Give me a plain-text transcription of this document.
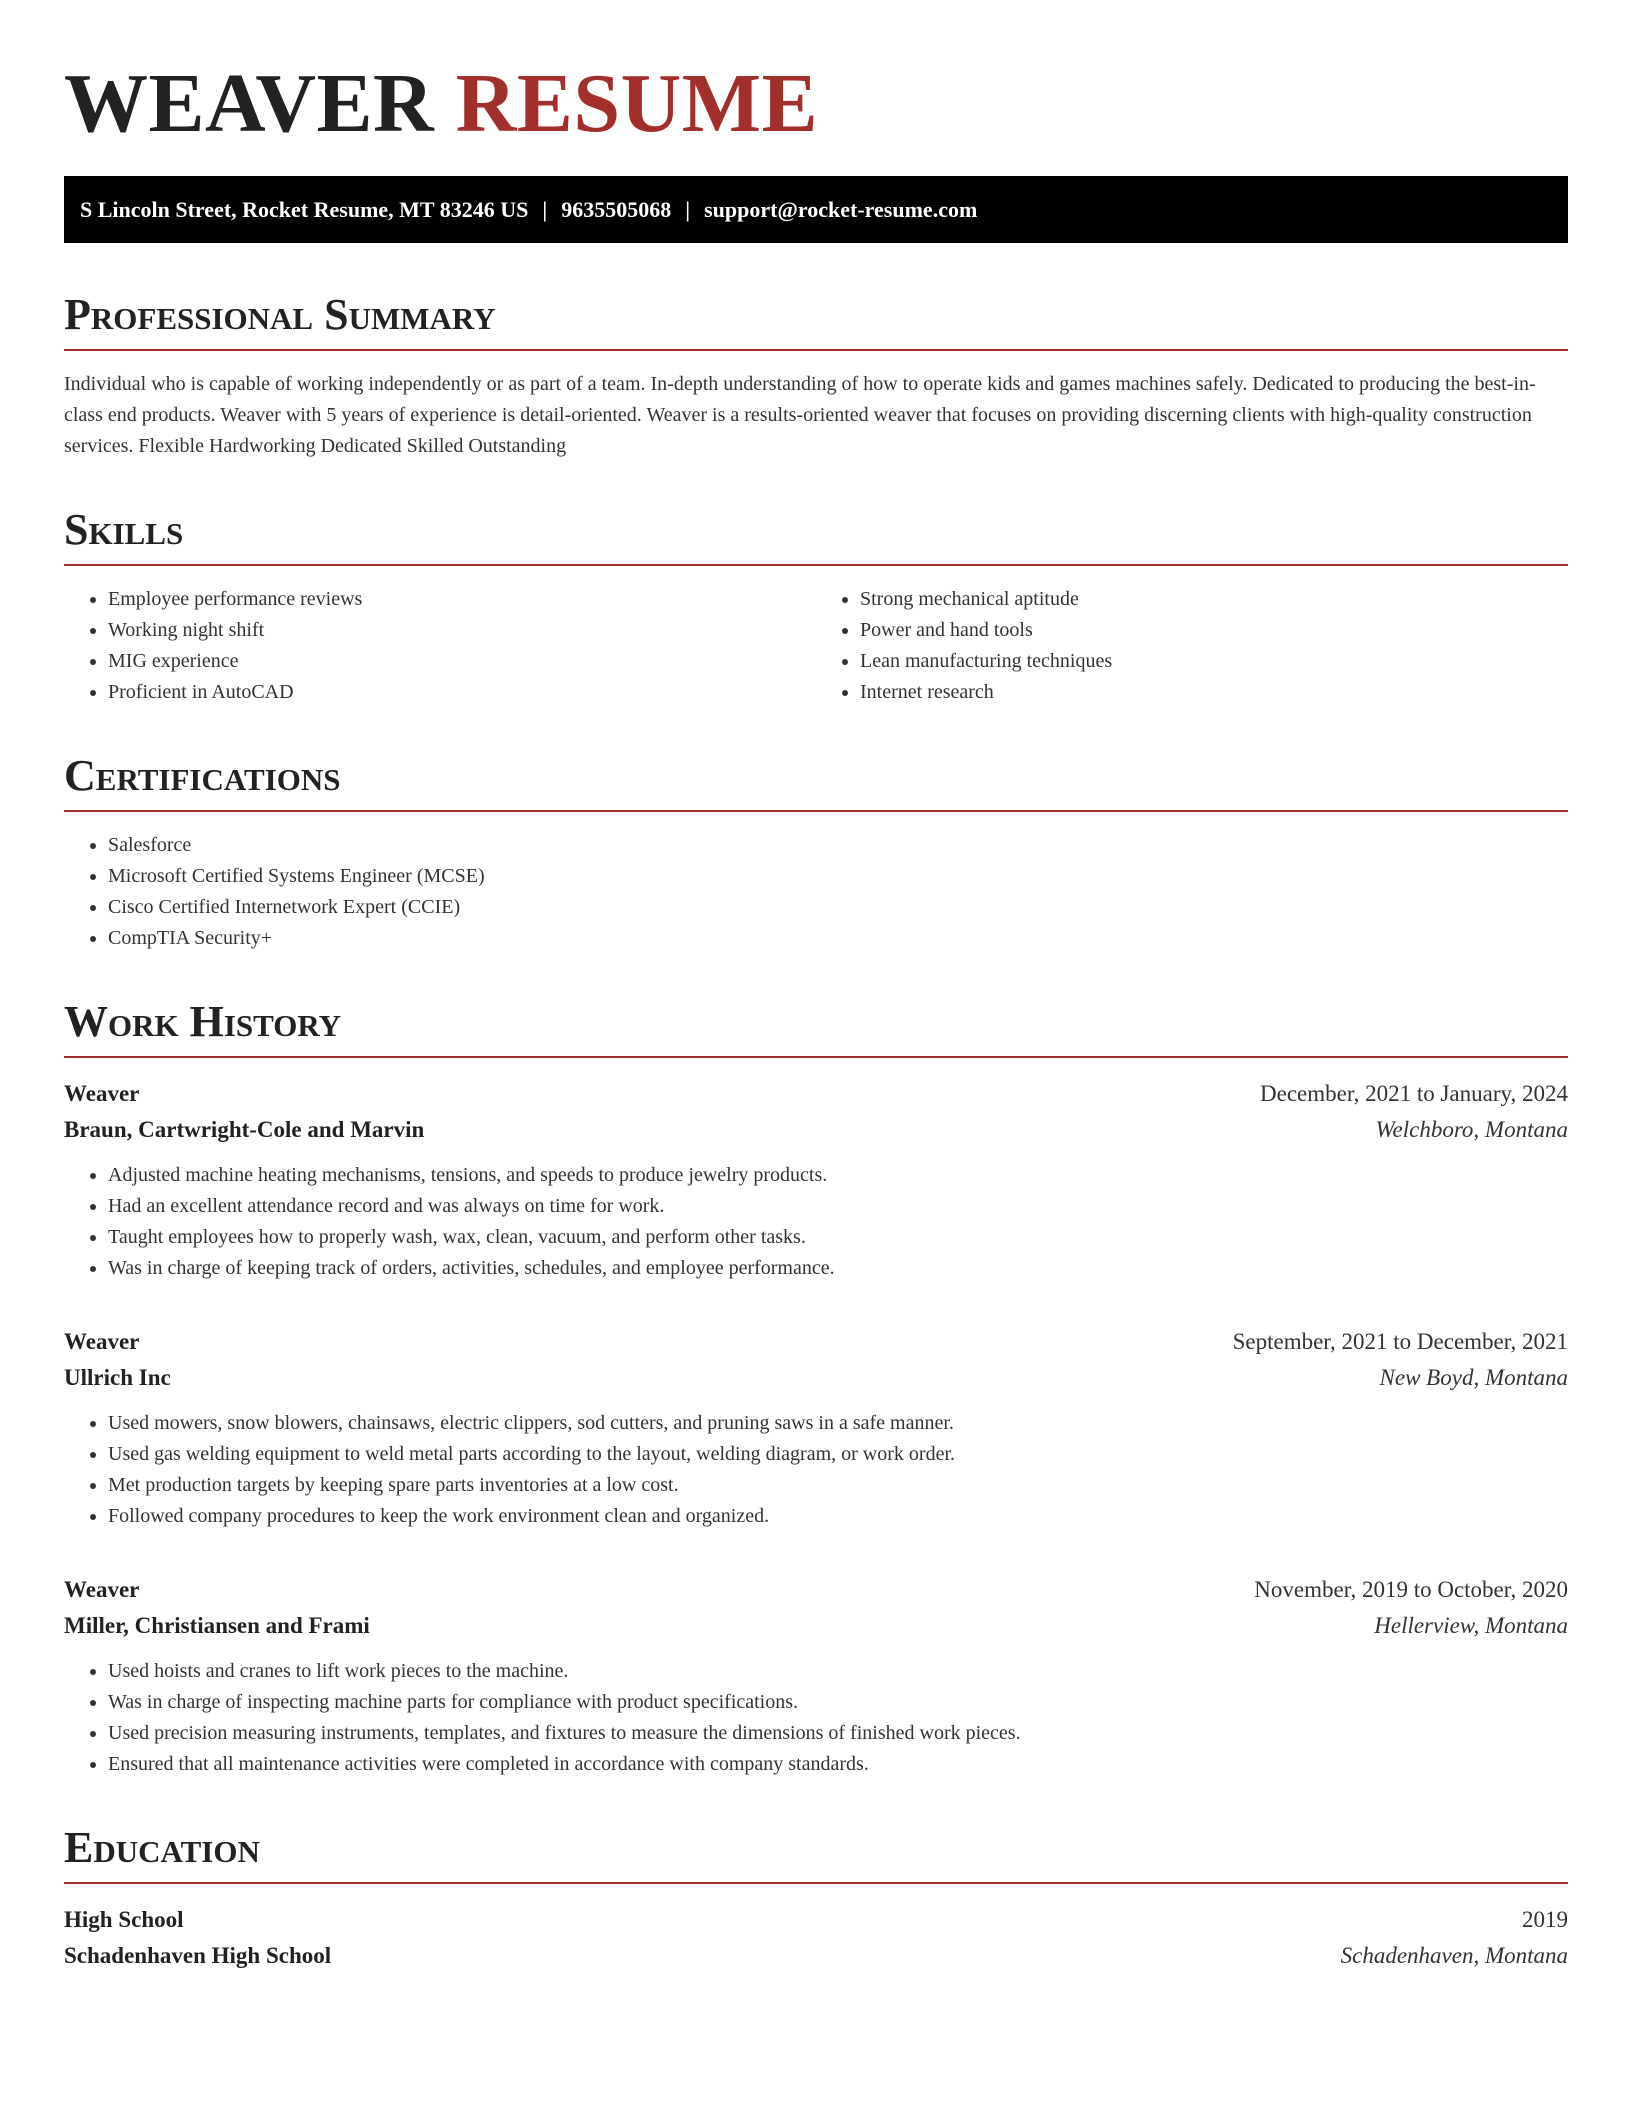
WEAVER RESUME
S Lincoln Street, Rocket Resume, MT 83246 US | 9635505068 | support@rocket-resume.com
Professional Summary

Individual who is capable of working independently or as part of a team. In-depth understanding of how to operate kids and games machines safely. Dedicated to producing the best-in-class end products. Weaver with 5 years of experience is detail-oriented. Weaver is a results-oriented weaver that focuses on providing discerning clients with high-quality construction services. Flexible Hardworking Dedicated Skilled Outstanding

Skills
• Employee performance reviews
• Working night shift
• MIG experience
• Proficient in AutoCAD
• Strong mechanical aptitude
• Power and hand tools
• Lean manufacturing techniques
• Internet research
Certifications
• Salesforce
• Microsoft Certified Systems Engineer (MCSE)
• Cisco Certified Internetwork Expert (CCIE)
• CompTIA Security+
Work History
Weaver	December, 2021 to January, 2024
Braun, Cartwright-Cole and Marvin	Welchboro, Montana
• Adjusted machine heating mechanisms, tensions, and speeds to produce jewelry products.
• Had an excellent attendance record and was always on time for work.
• Taught employees how to properly wash, wax, clean, vacuum, and perform other tasks.
• Was in charge of keeping track of orders, activities, schedules, and employee performance.
Weaver	September, 2021 to December, 2021
Ullrich Inc	New Boyd, Montana
• Used mowers, snow blowers, chainsaws, electric clippers, sod cutters, and pruning saws in a safe manner.
• Used gas welding equipment to weld metal parts according to the layout, welding diagram, or work order.
• Met production targets by keeping spare parts inventories at a low cost.
• Followed company procedures to keep the work environment clean and organized.
Weaver	November, 2019 to October, 2020
Miller, Christiansen and Frami	Hellerview, Montana
• Used hoists and cranes to lift work pieces to the machine.
• Was in charge of inspecting machine parts for compliance with product specifications.
• Used precision measuring instruments, templates, and fixtures to measure the dimensions of finished work pieces.
• Ensured that all maintenance activities were completed in accordance with company standards.
Education
High School	2019
Schadenhaven High School	Schadenhaven, Montana
